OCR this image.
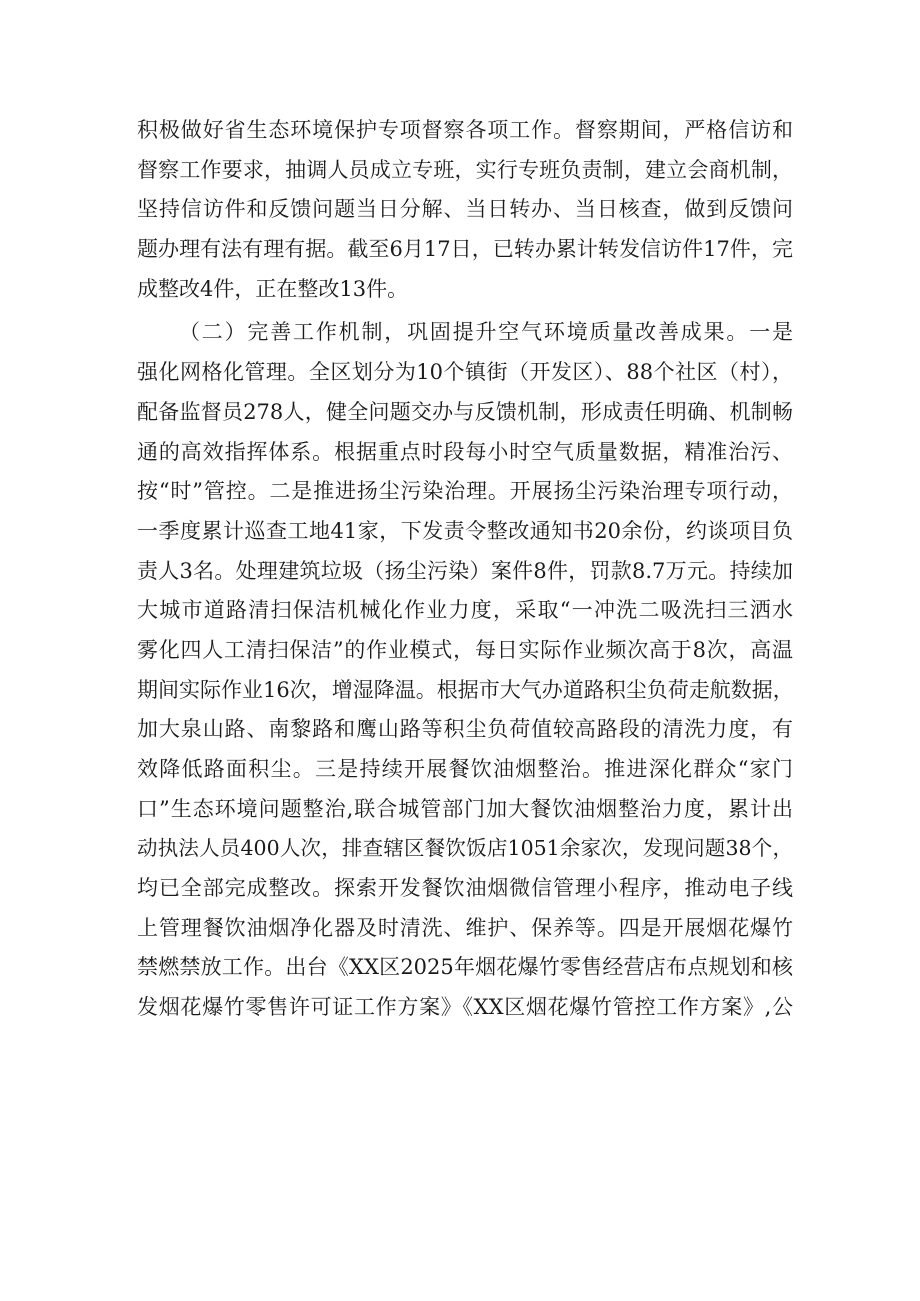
积极做好省生态环境保护专项督察各项工作。督察期间，严格信访和
督察工作要求，抽调人员成立专班，实行专班负责制，建立会商机制，
坚持信访件和反馈问题当日分解、当日转办、当日核查，做到反馈问
题办理有法有理有据。截至6月17日，已转办累计转发信访件17件，完
成整改4件，正在整改13件。
（二）完善工作机制，巩固提升空气环境质量改善成果。一是
强化网格化管理。全区划分为10个镇街（开发区）、88个社区（村），
配备监督员278人，健全问题交办与反馈机制，形成责任明确、机制畅
通的高效指挥体系。根据重点时段每小时空气质量数据，精准治污、
按“时”管控。二是推进扬尘污染治理。开展扬尘污染治理专项行动，
一季度累计巡查工地41家，下发责令整改通知书20余份，约谈项目负
责人3名。处理建筑垃圾（扬尘污染）案件8件，罚款8.7万元。持续加
大城市道路清扫保洁机械化作业力度，采取“一冲洗二吸洗扫三洒水
雾化四人工清扫保洁”的作业模式，每日实际作业频次高于8次，高温
期间实际作业16次，增湿降温。根据市大气办道路积尘负荷走航数据，
加大泉山路、南黎路和鹰山路等积尘负荷值较高路段的清洗力度，有
效降低路面积尘。三是持续开展餐饮油烟整治。推进深化群众“家门
口”生态环境问题整治,联合城管部门加大餐饮油烟整治力度，累计出
动执法人员400人次，排查辖区餐饮饭店1051余家次，发现问题38个，
均已全部完成整改。探索开发餐饮油烟微信管理小程序，推动电子线
上管理餐饮油烟净化器及时清洗、维护、保养等。四是开展烟花爆竹
禁燃禁放工作。出台《XX区2025年烟花爆竹零售经营店布点规划和核
发烟花爆竹零售许可证工作方案》《XX区烟花爆竹管控工作方案》,公
